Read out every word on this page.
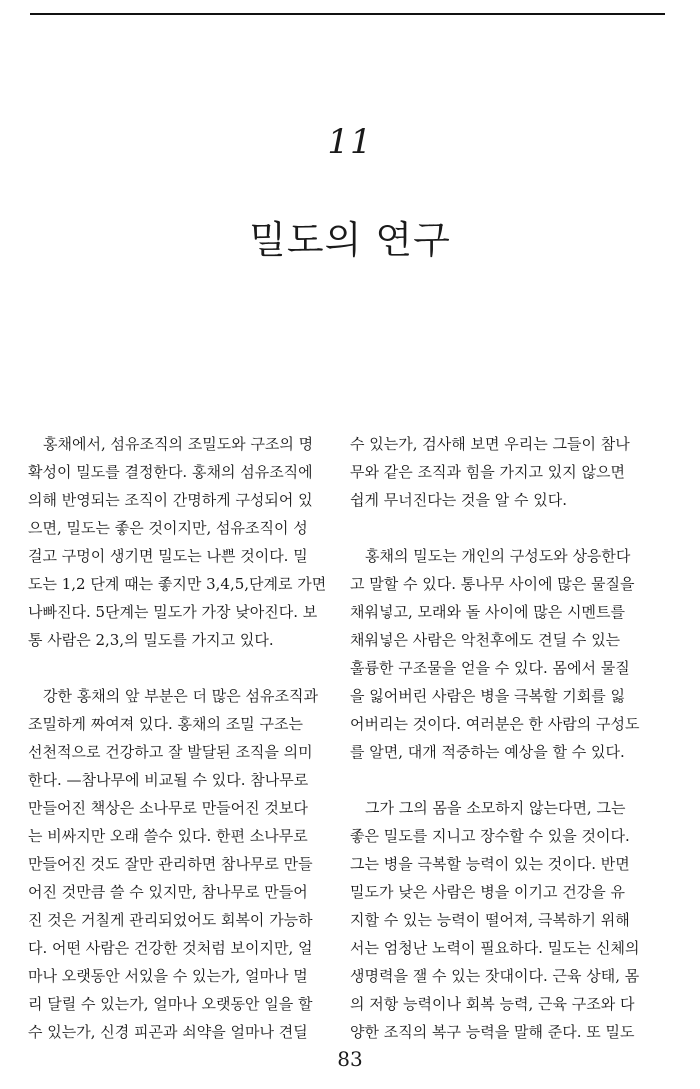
11
밀도의 연구
홍채에서, 섬유조직의 조밀도와 구조의 명
확성이 밀도를 결정한다. 홍채의 섬유조직에
의해 반영되는 조직이 간명하게 구성되어 있
으면, 밀도는 좋은 것이지만, 섬유조직이 성
걸고 구멍이 생기면 밀도는 나쁜 것이다. 밀
도는 1,2 단계 때는 좋지만 3,4,5,단계로 가면
나빠진다. 5단계는 밀도가 가장 낮아진다. 보
통 사람은 2,3,의 밀도를 가지고 있다.
강한 홍채의 앞 부분은 더 많은 섬유조직과
조밀하게 짜여져 있다. 홍채의 조밀 구조는
선천적으로 건강하고 잘 발달된 조직을 의미
한다. —참나무에 비교될 수 있다. 참나무로
만들어진 책상은 소나무로 만들어진 것보다
는 비싸지만 오래 쓸수 있다. 한편 소나무로
만들어진 것도 잘만 관리하면 참나무로 만들
어진 것만큼 쓸 수 있지만, 참나무로 만들어
진 것은 거칠게 관리되었어도 회복이 가능하
다. 어떤 사람은 건강한 것처럼 보이지만, 얼
마나 오랫동안 서있을 수 있는가, 얼마나 멀
리 달릴 수 있는가, 얼마나 오랫동안 일을 할
수 있는가, 신경 피곤과 쇠약을 얼마나 견딜
수 있는가, 검사해 보면 우리는 그들이 참나
무와 같은 조직과 힘을 가지고 있지 않으면
쉽게 무너진다는 것을 알 수 있다.
홍채의 밀도는 개인의 구성도와 상응한다
고 말할 수 있다. 통나무 사이에 많은 물질을
채워넣고, 모래와 돌 사이에 많은 시멘트를
채워넣은 사람은 악천후에도 견딜 수 있는
훌륭한 구조물을 얻을 수 있다. 몸에서 물질
을 잃어버린 사람은 병을 극복할 기회를 잃
어버리는 것이다. 여러분은 한 사람의 구성도
를 알면, 대개 적중하는 예상을 할 수 있다.
그가 그의 몸을 소모하지 않는다면, 그는
좋은 밀도를 지니고 장수할 수 있을 것이다.
그는 병을 극복할 능력이 있는 것이다. 반면
밀도가 낮은 사람은 병을 이기고 건강을 유
지할 수 있는 능력이 떨어져, 극복하기 위해
서는 엄청난 노력이 필요하다. 밀도는 신체의
생명력을 잴 수 있는 잣대이다. 근육 상태, 몸
의 저항 능력이나 회복 능력, 근육 구조와 다
양한 조직의 복구 능력을 말해 준다. 또 밀도
83
